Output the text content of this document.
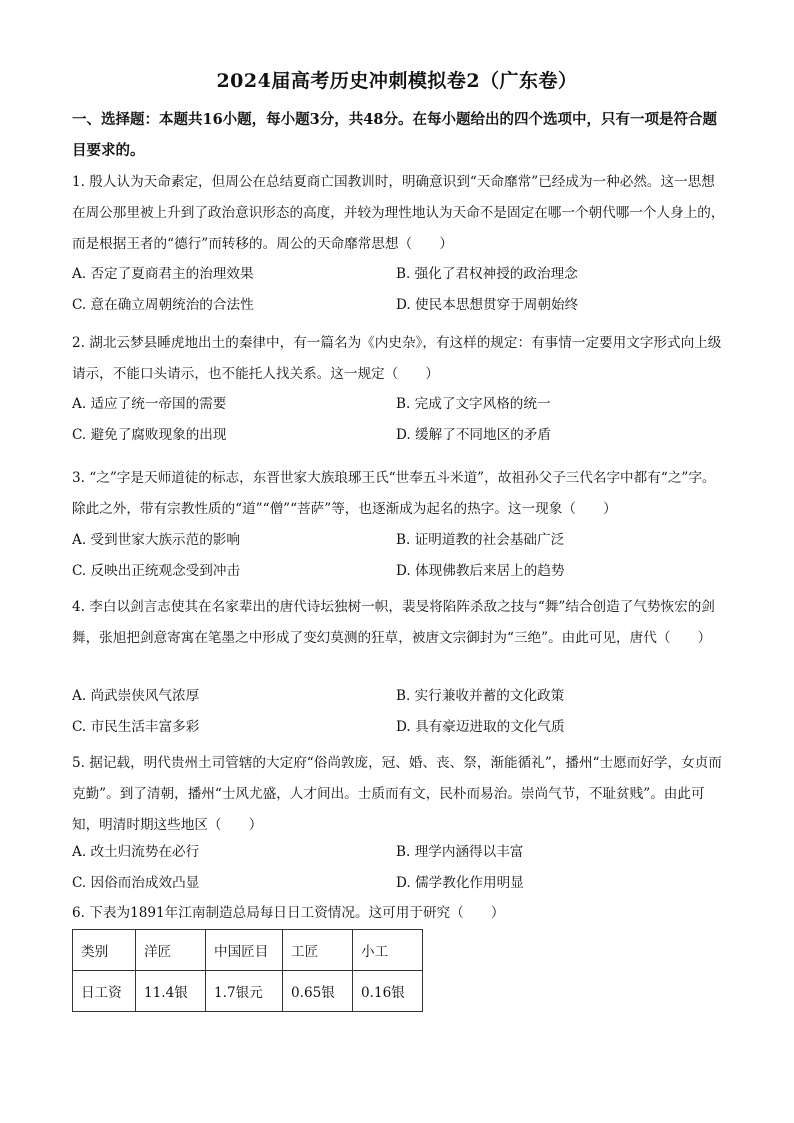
2024届高考历史冲刺模拟卷2（广东卷）
一、选择题：本题共16小题，每小题3分，共48分。在每小题给出的四个选项中，只有一项是符合题目要求的。
1. 殷人认为天命素定，但周公在总结夏商亡国教训时，明确意识到“天命靡常”已经成为一种必然。这一思想在周公那里被上升到了政治意识形态的高度，并较为理性地认为天命不是固定在哪一个朝代哪一个人身上的，而是根据王者的“德行”而转移的。周公的天命靡常思想（　　）
A. 否定了夏商君主的治理效果	B. 强化了君权神授的政治理念
C. 意在确立周朝统治的合法性	D. 使民本思想贯穿于周朝始终
2. 湖北云梦县睡虎地出土的秦律中，有一篇名为《内史杂》，有这样的规定：有事情一定要用文字形式向上级请示，不能口头请示，也不能托人找关系。这一规定（　　）
A. 适应了统一帝国的需要	B. 完成了文字风格的统一
C. 避免了腐败现象的出现	D. 缓解了不同地区的矛盾
3. “之”字是天师道徒的标志，东晋世家大族琅琊王氏“世奉五斗米道”，故祖孙父子三代名字中都有“之”字。除此之外，带有宗教性质的“道”“僧”“菩萨”等，也逐渐成为起名的热字。这一现象（　　）
A. 受到世家大族示范的影响	B. 证明道教的社会基础广泛
C. 反映出正统观念受到冲击	D. 体现佛教后来居上的趋势
4. 李白以剑言志使其在名家辈出的唐代诗坛独树一帜，裴旻将陷阵杀敌之技与“舞”结合创造了气势恢宏的剑舞，张旭把剑意寄寓在笔墨之中形成了变幻莫测的狂草，被唐文宗御封为“三绝”。由此可见，唐代（　　）
A. 尚武崇侠风气浓厚	B. 实行兼收并蓄的文化政策
C. 市民生活丰富多彩	D. 具有豪迈进取的文化气质
5. 据记载，明代贵州土司管辖的大定府“俗尚敦庞，冠、婚、丧、祭，渐能循礼”，播州“士愿而好学，女贞而克勤”。到了清朝，播州“士风尤盛，人才间出。士质而有文，民朴而易治。崇尚气节，不耻贫贱”。由此可知，明清时期这些地区（　　）
A. 改土归流势在必行	B. 理学内涵得以丰富
C. 因俗而治成效凸显	D. 儒学教化作用明显
6. 下表为1891年江南制造总局每日日工资情况。这可用于研究（　　）
类别	洋匠	中国匠目	工匠	小工
日工资	11.4银	1.7银元	0.65银	0.16银
